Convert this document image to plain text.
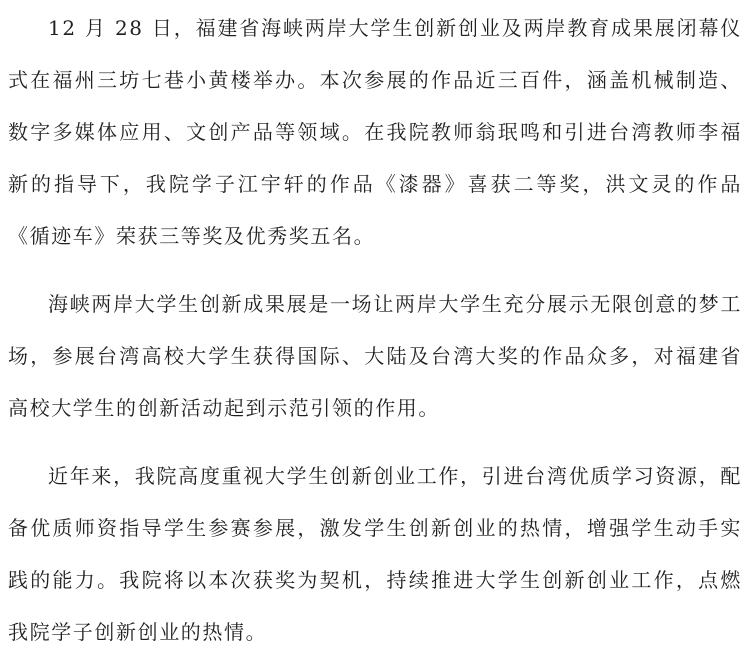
12 月 28 日，福建省海峡两岸大学生创新创业及两岸教育成果展闭幕仪式在福州三坊七巷小黄楼举办。本次参展的作品近三百件，涵盖机械制造、数字多媒体应用、文创产品等领域。在我院教师翁珉鸣和引进台湾教师李福新的指导下，我院学子江宇轩的作品《漆器》喜获二等奖，洪文灵的作品《循迹车》荣获三等奖及优秀奖五名。

海峡两岸大学生创新成果展是一场让两岸大学生充分展示无限创意的梦工场，参展台湾高校大学生获得国际、大陆及台湾大奖的作品众多，对福建省高校大学生的创新活动起到示范引领的作用。

近年来，我院高度重视大学生创新创业工作，引进台湾优质学习资源，配备优质师资指导学生参赛参展，激发学生创新创业的热情，增强学生动手实践的能力。我院将以本次获奖为契机，持续推进大学生创新创业工作，点燃我院学子创新创业的热情。
